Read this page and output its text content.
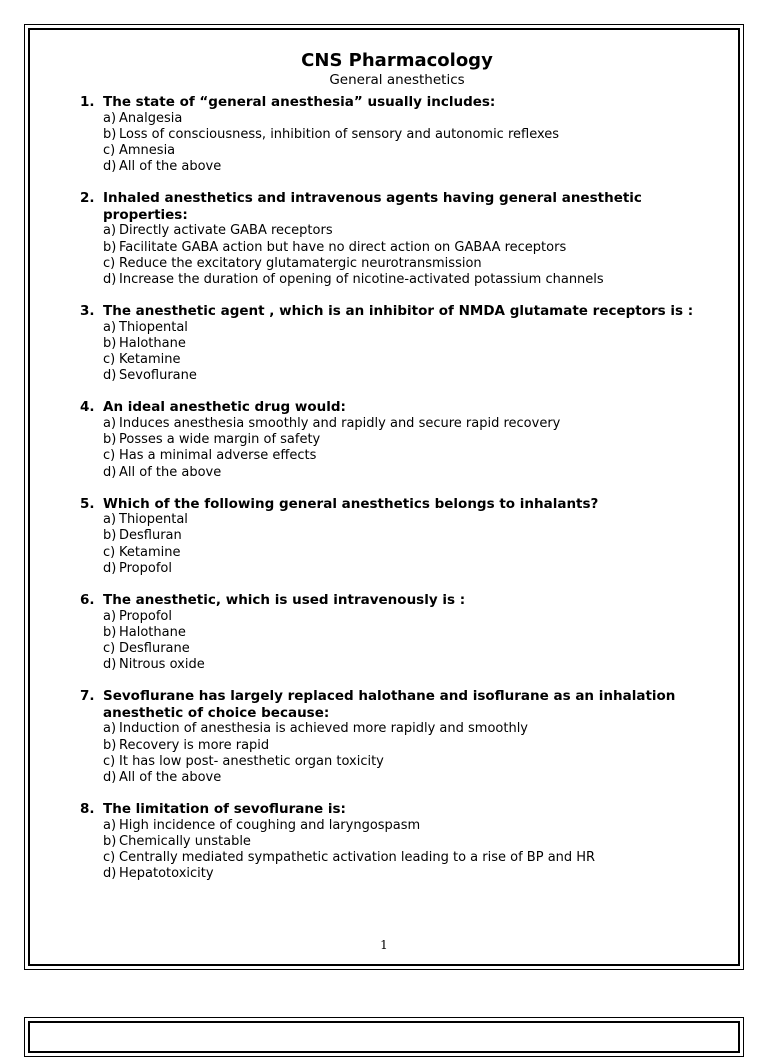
CNS Pharmacology
General anesthetics
1. The state of “general anesthesia” usually includes:
a) Analgesia
b) Loss of consciousness, inhibition of sensory and autonomic reflexes
c) Amnesia
d) All of the above
2. Inhaled anesthetics and intravenous agents having general anesthetic properties:
a) Directly activate GABA receptors
b) Facilitate GABA action but have no direct action on GABAA receptors
c) Reduce the excitatory glutamatergic neurotransmission
d) Increase the duration of opening of nicotine-activated potassium channels
3. The anesthetic agent , which is an inhibitor of NMDA glutamate receptors is :
a) Thiopental
b) Halothane
c) Ketamine
d) Sevoflurane
4. An ideal anesthetic drug would:
a) Induces anesthesia smoothly and rapidly and secure rapid recovery
b) Posses a wide margin of safety
c) Has a minimal adverse effects
d) All of the above
5. Which of the following general anesthetics belongs to inhalants?
a) Thiopental
b) Desfluran
c) Ketamine
d) Propofol
6. The anesthetic, which is used intravenously is :
a) Propofol
b) Halothane
c) Desflurane
d) Nitrous oxide
7. Sevoflurane has largely replaced halothane and isoflurane as an inhalation anesthetic of choice because:
a) Induction of anesthesia is achieved more rapidly and smoothly
b) Recovery is more rapid
c) It has low post- anesthetic organ toxicity
d) All of the above
8. The limitation of sevoflurane is:
a) High incidence of coughing and laryngospasm
b) Chemically unstable
c) Centrally mediated sympathetic activation leading to a rise of BP and HR
d) Hepatotoxicity
1
